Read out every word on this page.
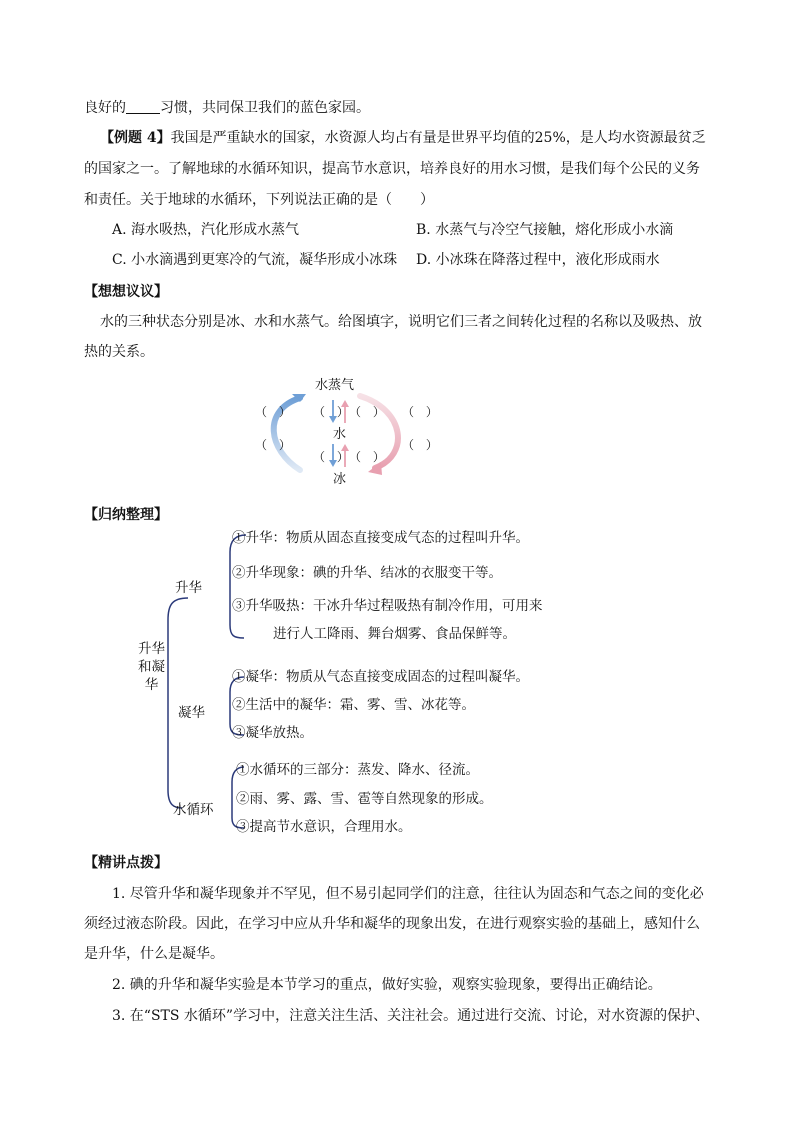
良好的 习惯，共同保卫我们的蓝色家园。
【例题 4】我国是严重缺水的国家，水资源人均占有量是世界平均值的25%，是人均水资源最贫乏
的国家之一。了解地球的水循环知识，提高节水意识，培养良好的用水习惯，是我们每个公民的义务
和责任。关于地球的水循环，下列说法正确的是（　　）
A. 海水吸热，汽化形成水蒸气	B. 水蒸气与冷空气接触，熔化形成小水滴
C. 小水滴遇到更寒冷的气流，凝华形成小冰珠 D. 小冰珠在降落过程中，液化形成雨水
【想想议议】
水的三种状态分别是冰、水和水蒸气。给图填字，说明它们三者之间转化过程的名称以及吸热、放
热的关系。
水蒸气
水
冰
（ ）
（ ）
（ ）
（ ）
（ ）
（ ）
（ ）
（ ）
【归纳整理】
升华
和凝
华
升华
①升华：物质从固态直接变成气态的过程叫升华。
②升华现象：碘的升华、结冰的衣服变干等。
③升华吸热：干冰升华过程吸热有制冷作用，可用来
进行人工降雨、舞台烟雾、食品保鲜等。
凝华
①凝华：物质从气态直接变成固态的过程叫凝华。
②生活中的凝华：霜、雾、雪、冰花等。
③凝华放热。
水循环
①水循环的三部分：蒸发、降水、径流。
②雨、雾、露、雪、雹等自然现象的形成。
③提高节水意识，合理用水。
【精讲点拨】
1. 尽管升华和凝华现象并不罕见，但不易引起同学们的注意，往往认为固态和气态之间的变化必
须经过液态阶段。因此，在学习中应从升华和凝华的现象出发，在进行观察实验的基础上，感知什么
是升华，什么是凝华。
2. 碘的升华和凝华实验是本节学习的重点，做好实验，观察实验现象，要得出正确结论。
3. 在“STS 水循环”学习中，注意关注生活、关注社会。通过进行交流、讨论，对水资源的保护、
